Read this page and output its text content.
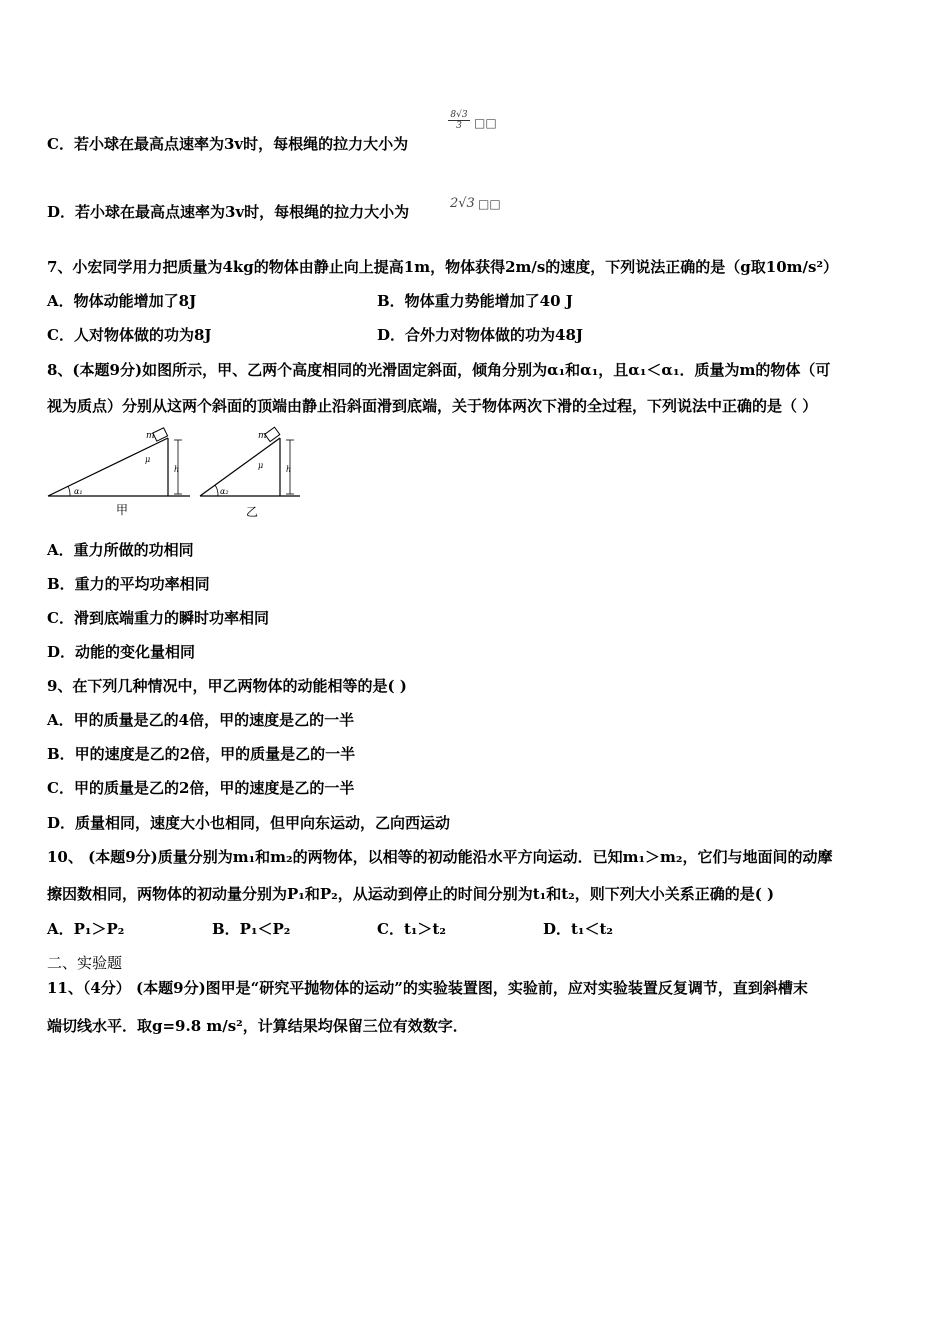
C．若小球在最高点速率为3v时，每根绳的拉力大小为
$\frac{8√3}{3}$ □□
D．若小球在最高点速率为3v时，每根绳的拉力大小为	2√3 □□
7、小宏同学用力把质量为4kg的物体由静止向上提高1m，物体获得2m/s的速度，下列说法正确的是（g取10m/s²）
A．物体动能增加了8J	B．物体重力势能增加了40 J
C．人对物体做的功为8J	D．合外力对物体做的功为48J
8、(本题9分)如图所示，甲、乙两个高度相同的光滑固定斜面，倾角分别为α₁和α₁，且α₁＜α₁．质量为m的物体（可
视为质点）分别从这两个斜面的顶端由静止沿斜面滑到底端，关于物体两次下滑的全过程，下列说法中正确的是（ ）
m
μ
h
α₁
甲
m
μ	h
α₂
乙
A．重力所做的功相同
B．重力的平均功率相同
C．滑到底端重力的瞬时功率相同
D．动能的变化量相同
9、在下列几种情况中，甲乙两物体的动能相等的是( )
A．甲的质量是乙的4倍，甲的速度是乙的一半
B．甲的速度是乙的2倍，甲的质量是乙的一半
C．甲的质量是乙的2倍，甲的速度是乙的一半
D．质量相同，速度大小也相同，但甲向东运动，乙向西运动
10、 (本题9分)质量分别为m₁和m₂的两物体，以相等的初动能沿水平方向运动．已知m₁＞m₂，它们与地面间的动摩
擦因数相同，两物体的初动量分别为P₁和P₂，从运动到停止的时间分别为t₁和t₂，则下列大小关系正确的是( )
A．P₁＞P₂	B．P₁＜P₂	C．t₁＞t₂	D．t₁＜t₂
二、实验题
11、（4分） (本题9分)图甲是“研究平抛物体的运动”的实验装置图，实验前，应对实验装置反复调节，直到斜槽末
端切线水平．取g=9.8 m/s²，计算结果均保留三位有效数字．
